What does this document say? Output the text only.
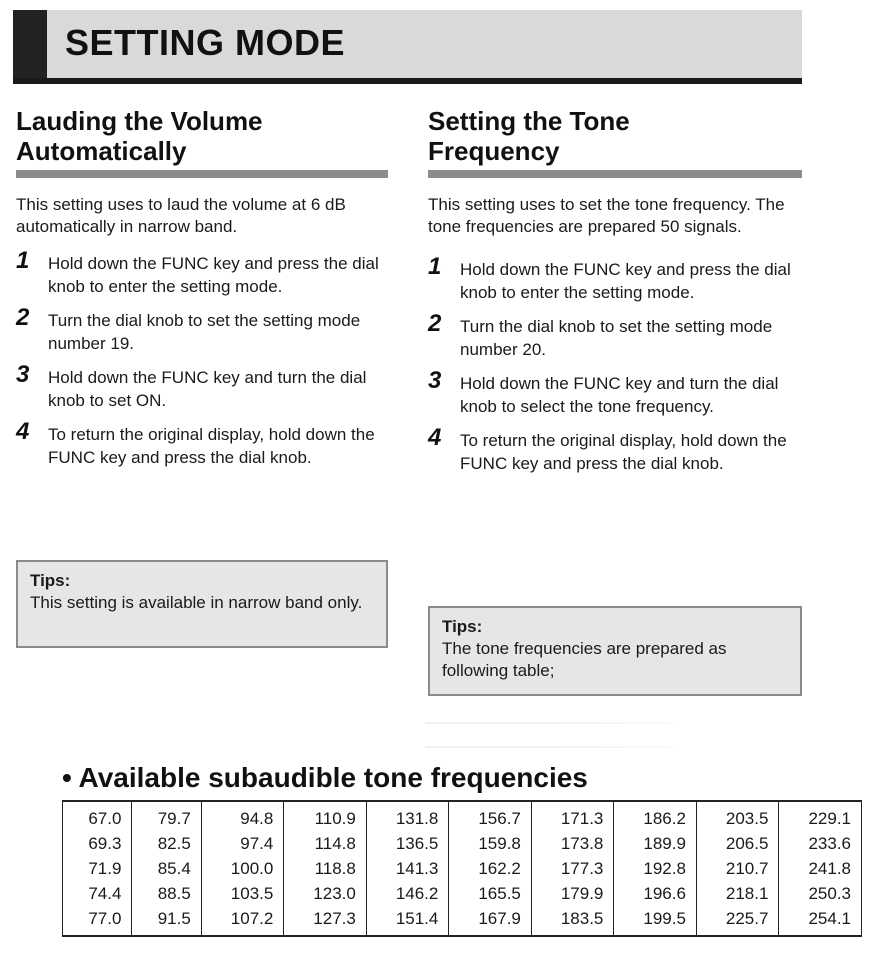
SETTING MODE
Lauding the Volume
Automatically

This setting uses to laud the volume at 6 dB automatically in narrow band.

1 Hold down the FUNC key and press the dial knob to enter the setting mode.
2 Turn the dial knob to set the setting mode number 19.
3 Hold down the FUNC key and turn the dial knob to set ON.
4 To return the original display, hold down the FUNC key and press the dial knob.
Tips:
This setting is available in narrow band only.
Setting the Tone
Frequency

This setting uses to set the tone frequency. The tone frequencies are prepared 50 signals.

1 Hold down the FUNC key and press the dial knob to enter the setting mode.
2 Turn the dial knob to set the setting mode number 20.
3 Hold down the FUNC key and turn the dial knob to select the tone frequency.
4 To return the original display, hold down the FUNC key and press the dial knob.
Tips:
The tone frequencies are prepared as following table;
• Available subaudible tone frequencies
67.0	79.7	94.8	110.9	131.8	156.7	171.3	186.2	203.5	229.1
69.3	82.5	97.4	114.8	136.5	159.8	173.8	189.9	206.5	233.6
71.9	85.4	100.0	118.8	141.3	162.2	177.3	192.8	210.7	241.8
74.4	88.5	103.5	123.0	146.2	165.5	179.9	196.6	218.1	250.3
77.0	91.5	107.2	127.3	151.4	167.9	183.5	199.5	225.7	254.1
